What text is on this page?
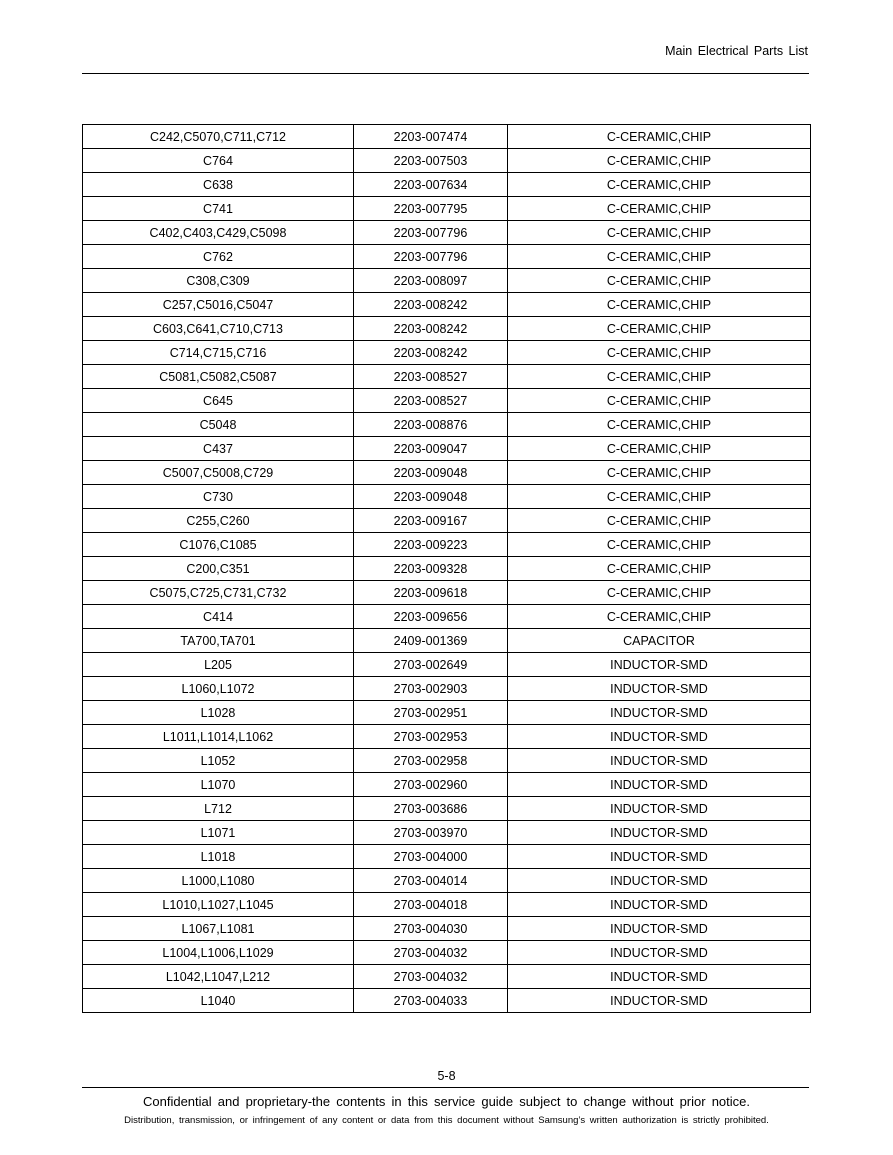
Main Electrical Parts List
C242,C5070,C711,C712	2203-007474	C-CERAMIC,CHIP
C764	2203-007503	C-CERAMIC,CHIP
C638	2203-007634	C-CERAMIC,CHIP
C741	2203-007795	C-CERAMIC,CHIP
C402,C403,C429,C5098	2203-007796	C-CERAMIC,CHIP
C762	2203-007796	C-CERAMIC,CHIP
C308,C309	2203-008097	C-CERAMIC,CHIP
C257,C5016,C5047	2203-008242	C-CERAMIC,CHIP
C603,C641,C710,C713	2203-008242	C-CERAMIC,CHIP
C714,C715,C716	2203-008242	C-CERAMIC,CHIP
C5081,C5082,C5087	2203-008527	C-CERAMIC,CHIP
C645	2203-008527	C-CERAMIC,CHIP
C5048	2203-008876	C-CERAMIC,CHIP
C437	2203-009047	C-CERAMIC,CHIP
C5007,C5008,C729	2203-009048	C-CERAMIC,CHIP
C730	2203-009048	C-CERAMIC,CHIP
C255,C260	2203-009167	C-CERAMIC,CHIP
C1076,C1085	2203-009223	C-CERAMIC,CHIP
C200,C351	2203-009328	C-CERAMIC,CHIP
C5075,C725,C731,C732	2203-009618	C-CERAMIC,CHIP
C414	2203-009656	C-CERAMIC,CHIP
TA700,TA701	2409-001369	CAPACITOR
L205	2703-002649	INDUCTOR-SMD
L1060,L1072	2703-002903	INDUCTOR-SMD
L1028	2703-002951	INDUCTOR-SMD
L1011,L1014,L1062	2703-002953	INDUCTOR-SMD
L1052	2703-002958	INDUCTOR-SMD
L1070	2703-002960	INDUCTOR-SMD
L712	2703-003686	INDUCTOR-SMD
L1071	2703-003970	INDUCTOR-SMD
L1018	2703-004000	INDUCTOR-SMD
L1000,L1080	2703-004014	INDUCTOR-SMD
L1010,L1027,L1045	2703-004018	INDUCTOR-SMD
L1067,L1081	2703-004030	INDUCTOR-SMD
L1004,L1006,L1029	2703-004032	INDUCTOR-SMD
L1042,L1047,L212	2703-004032	INDUCTOR-SMD
L1040	2703-004033	INDUCTOR-SMD
5-8
Confidential and proprietary-the contents in this service guide subject to change without prior notice.
Distribution, transmission, or infringement of any content or data from this document without Samsung’s written authorization is strictly prohibited.
